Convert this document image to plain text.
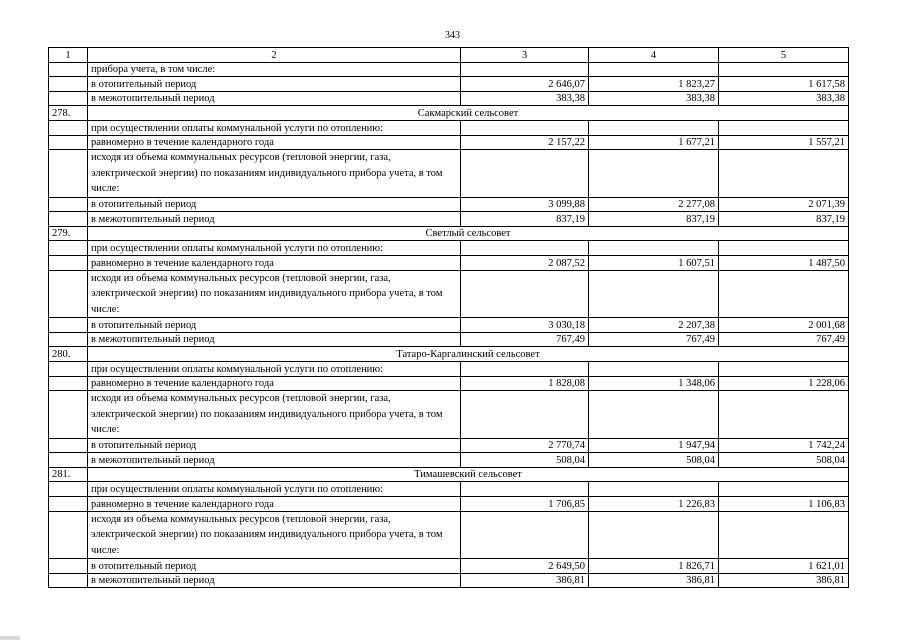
343
1	2	3	4	5
	прибора учета, в том числе:			
	в отопительный период	2 646,07	1 823,27	1 617,58
	в межотопительный период	383,38	383,38	383,38
278.	Сакмарский сельсовет			
	при осуществлении оплаты коммунальной услуги по отоплению:			
	равномерно в течение календарного года	2 157,22	1 677,21	1 557,21
	исходя из объема коммунальных ресурсов (тепловой энергии, газа, электрической энергии) по показаниям индивидуального прибора учета, в том числе:			
	в отопительный период	3 099,88	2 277,08	2 071,39
	в межотопительный период	837,19	837,19	837,19
279.	Светлый сельсовет			
	при осуществлении оплаты коммунальной услуги по отоплению:			
	равномерно в течение календарного года	2 087,52	1 607,51	1 487,50
	исходя из объема коммунальных ресурсов (тепловой энергии, газа, электрической энергии) по показаниям индивидуального прибора учета, в том числе:			
	в отопительный период	3 030,18	2 207,38	2 001,68
	в межотопительный период	767,49	767,49	767,49
280.	Татаро-Каргалинский сельсовет			
	при осуществлении оплаты коммунальной услуги по отоплению:			
	равномерно в течение календарного года	1 828,08	1 348,06	1 228,06
	исходя из объема коммунальных ресурсов (тепловой энергии, газа, электрической энергии) по показаниям индивидуального прибора учета, в том числе:			
	в отопительный период	2 770,74	1 947,94	1 742,24
	в межотопительный период	508,04	508,04	508,04
281.	Тимашевский сельсовет			
	при осуществлении оплаты коммунальной услуги по отоплению:			
	равномерно в течение календарного года	1 706,85	1 226,83	1 106,83
	исходя из объема коммунальных ресурсов (тепловой энергии, газа, электрической энергии) по показаниям индивидуального прибора учета, в том числе:			
	в отопительный период	2 649,50	1 826,71	1 621,01
	в межотопительный период	386,81	386,81	386,81
